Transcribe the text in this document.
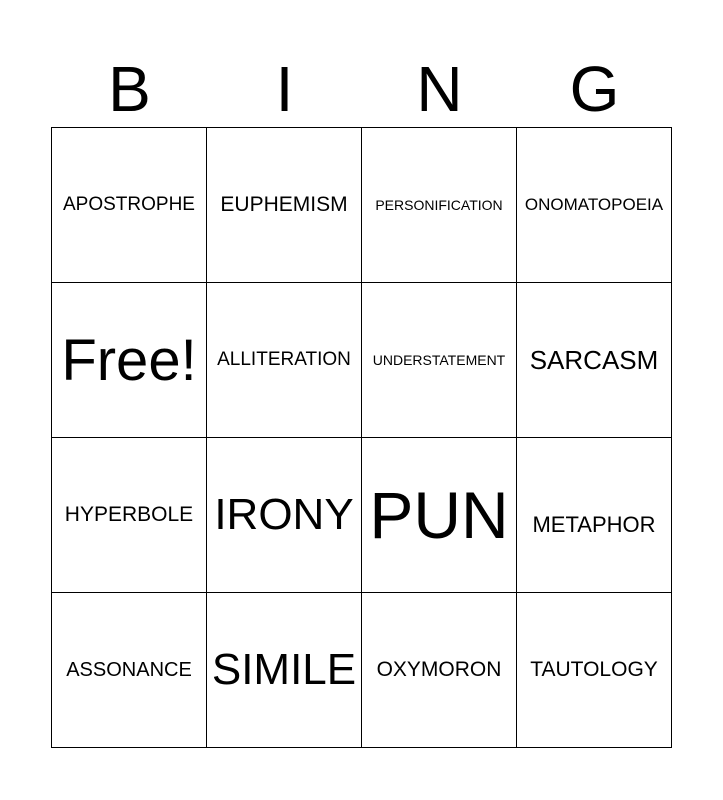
B	I	N	G
APOSTROPHE EUPHEMISM PERSONIFICATION ONOMATOPOEIA
Free! ALLITERATION UNDERSTATEMENT SARCASM
HYPERBOLE IRONY PUN METAPHOR
ASSONANCE SIMILE OXYMORON TAUTOLOGY
